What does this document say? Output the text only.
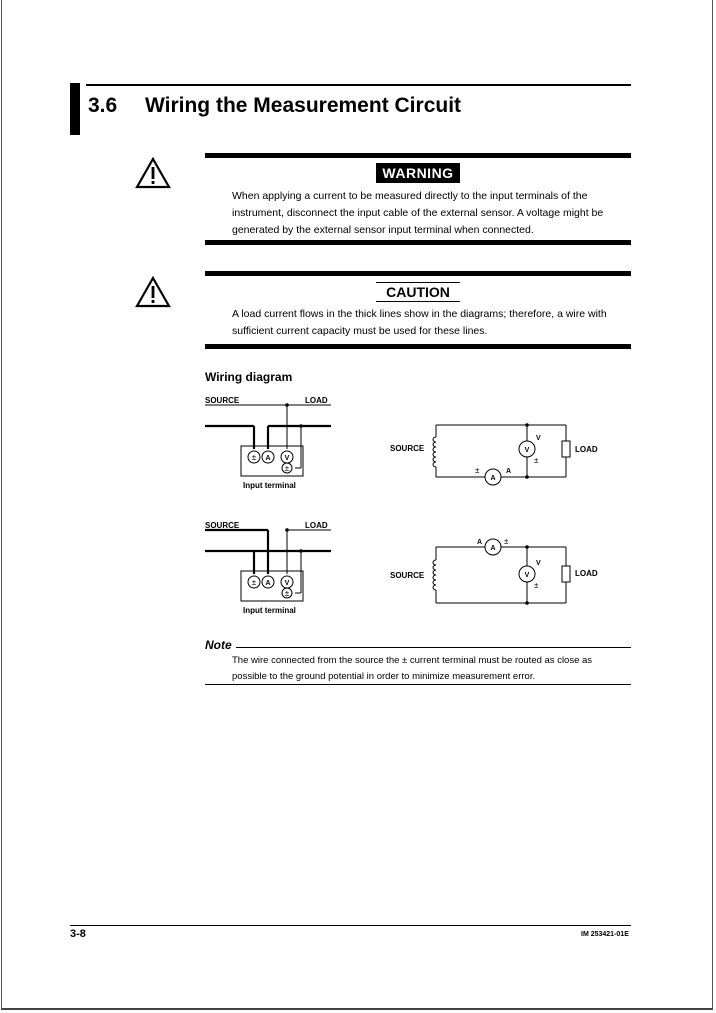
3.6 Wiring the Measurement Circuit
WARNING
When applying a current to be measured directly to the input terminals of the instrument, disconnect the input cable of the external sensor. A voltage might be generated by the external sensor input terminal when connected.
CAUTION
A load current flows in the thick lines show in the diagrams; therefore, a wire with sufficient current capacity must be used for these lines.
Wiring diagram
SOURCE	LOAD
± A V
±
Input terminal
SOURCE	LOAD
V
V
±
A
A
±
SOURCE	LOAD
± A V
±
Input terminal
SOURCE	LOAD
V
V
±
A
A
±
Note
The wire connected from the source the ± current terminal must be routed as close as possible to the ground potential in order to minimize measurement error.
3-8	IM 253421-01E
